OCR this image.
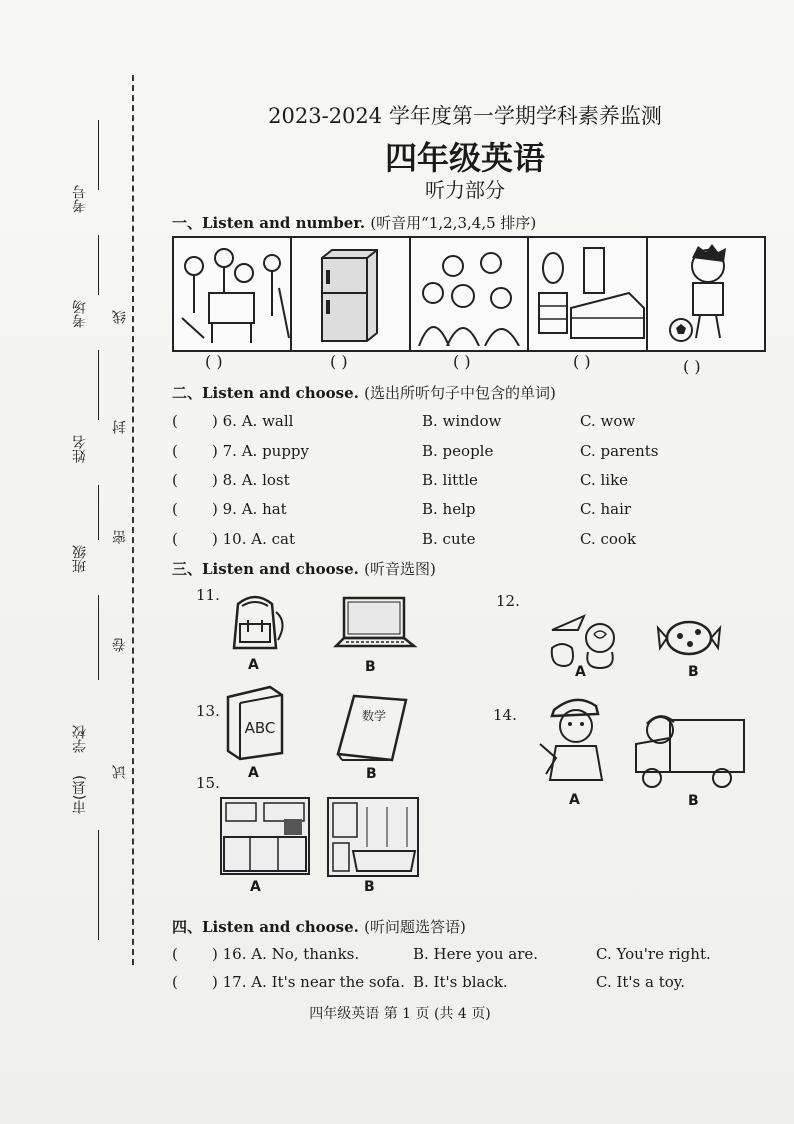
考号
考场
姓名
班级
学校
市(县)
线
封
密
卷
试
2023-2024 学年度第一学期学科素养监测
四年级英语
听力部分
一、Listen and number. (听音用“1,2,3,4,5 排序)
( )	( )	( )	( )	( )
二、Listen and choose. (选出所听句子中包含的单词)
( ) 6. A. wall	B. window	C. wow
( ) 7. A. puppy	B. people	C. parents
( ) 8. A. lost	B. little	C. like
( ) 9. A. hat	B. help	C. hair
( ) 10. A. cat	B. cute	C. cook
三、Listen and choose. (听音选图)
11.
A	B
12.
A	B
13.
ABC
A
数学
B
14.
A	B
15.
A	B
四、Listen and choose. (听问题选答语)
( ) 16. A. No, thanks.	B. Here you are.	C. You're right.
( ) 17. A. It's near the sofa. B. It's black.	C. It's a toy.
四年级英语 第 1 页 (共 4 页)
